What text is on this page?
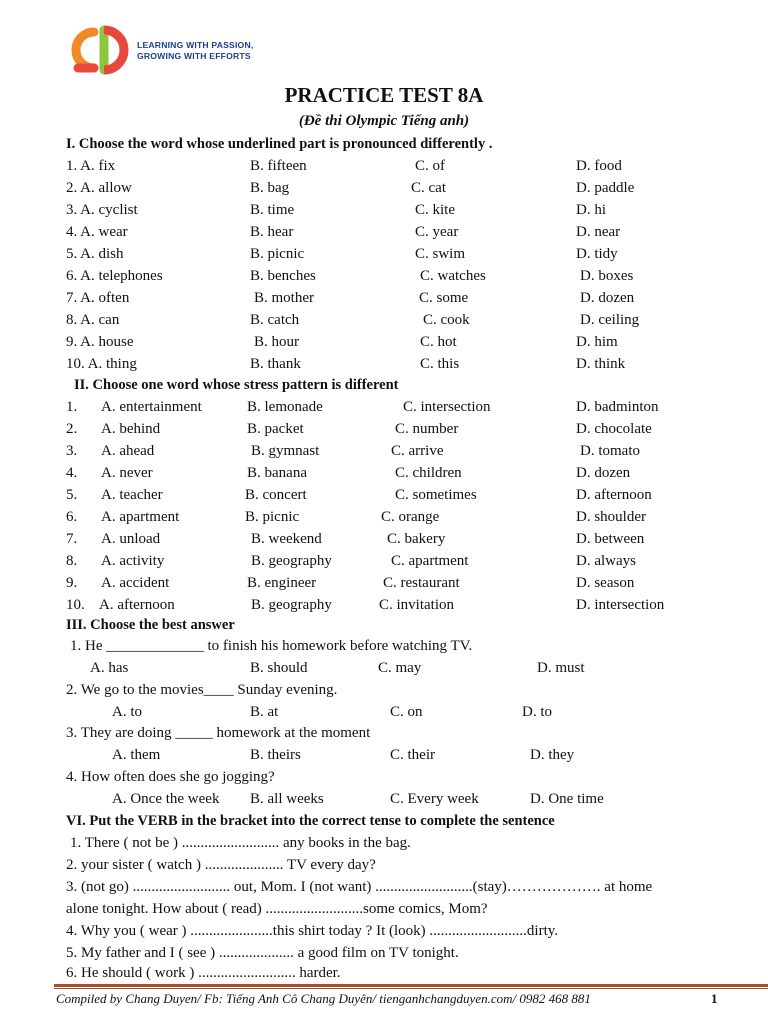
LEARNING WITH PASSION,
GROWING WITH EFFORTS
PRACTICE TEST 8A
(Đề thi Olympic Tiếng anh)
I. Choose the word whose underlined part is pronounced differently .
1. A. fix	B. fifteen	C. of	D. food
2. A. allow	B. bag	C. cat	D. paddle
3. A. cyclist	B. time	C. kite	D. hi
4. A. wear	B. hear	C. year	D. near
5. A. dish	B. picnic	C. swim	D. tidy
6. A. telephones	B. benches	C. watches	D. boxes
7. A. often	B. mother	C. some	D. dozen
8. A. can	B. catch	C. cook	D. ceiling
9. A. house	B. hour	C. hot	D. him
10. A. thing	B. thank	C. this	D. think
II. Choose one word whose stress pattern is different
1. A. entertainment	B. lemonade	C. intersection	D. badminton
2. A. behind	B. packet	C. number	D. chocolate
3. A. ahead	B. gymnast	C. arrive	D. tomato
4. A. never	B. banana	C. children	D. dozen
5. A. teacher	B. concert	C. sometimes	D. afternoon
6. A. apartment	B. picnic	C. orange	D. shoulder
7. A. unload	B. weekend	C. bakery	D. between
8. A. activity	B. geography	C. apartment	D. always
9. A. accident	B. engineer	C. restaurant	D. season
10. A. afternoon	B. geography	C. invitation	D. intersection
III. Choose the best answer
1. He _____________ to finish his homework before watching TV.
A. has	B. should	C. may	D. must
2. We go to the movies____ Sunday evening.
A. to	B. at	C. on	D. to
3. They are doing _____ homework at the moment
A. them	B. theirs	C. their	D. they
4. How often does she go jogging?
A. Once the week B. all weeks	C. Every week	D. One time
VI. Put the VERB in the bracket into the correct tense to complete the sentence
1. There ( not be ) .......................... any books in the bag.
2. your sister ( watch ) ..................... TV every day?
3. (not go) .......................... out, Mom. I (not want) ..........................(stay)………………. at home
alone tonight. How about ( read) ..........................some comics, Mom?
4. Why you ( wear ) ......................this shirt today ? It (look) ..........................dirty.
5. My father and I ( see ) .................... a good film on TV tonight.
6. He should ( work ) .......................... harder.
Compiled by Chang Duyen/ Fb: Tiếng Anh Cô Chang Duyên/ tienganhchangduyen.com/ 0982 468 881	1
